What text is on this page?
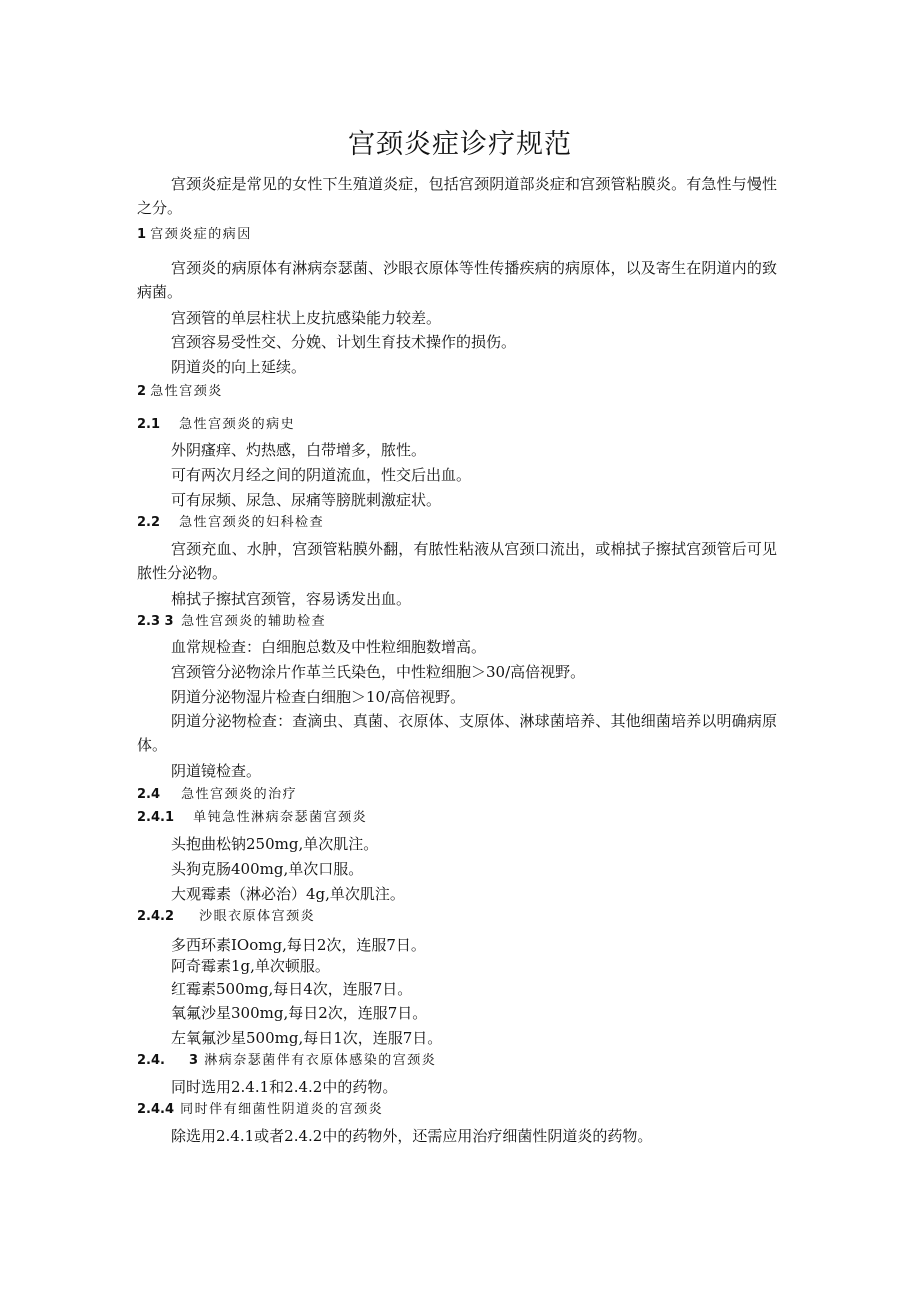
宫颈炎症诊疗规范

宫颈炎症是常见的女性下生殖道炎症，包括宫颈阴道部炎症和宫颈管粘膜炎。有急性与慢性之分。

1 宫颈炎症的病因

宫颈炎的病原体有淋病奈瑟菌、沙眼衣原体等性传播疾病的病原体，以及寄生在阴道内的致病菌。

宫颈管的单层柱状上皮抗感染能力较差。

宫颈容易受性交、分娩、计划生育技术操作的损伤。

阴道炎的向上延续。

2 急性宫颈炎
2.1 急性宫颈炎的病史

外阴瘙痒、灼热感，白带增多，脓性。

可有两次月经之间的阴道流血，性交后出血。

可有尿频、尿急、尿痛等膀胱刺激症状。

2.2 急性宫颈炎的妇科检查

宫颈充血、水肿，宫颈管粘膜外翻，有脓性粘液从宫颈口流出，或棉拭子擦拭宫颈管后可见脓性分泌物。

棉拭子擦拭宫颈管，容易诱发出血。

2.3 3 急性宫颈炎的辅助检查

血常规检查：白细胞总数及中性粒细胞数增高。

宫颈管分泌物涂片作革兰氏染色，中性粒细胞＞30/高倍视野。

阴道分泌物湿片检查白细胞＞10/高倍视野。

阴道分泌物检查：查滴虫、真菌、衣原体、支原体、淋球菌培养、其他细菌培养以明确病原体。

阴道镜检查。

2.4 急性宫颈炎的治疗
2.4.1 单钝急性淋病奈瑟菌宫颈炎

头抱曲松钠250mg,单次肌注。

头狗克肠400mg,单次口服。

大观霉素（淋必治）4g,单次肌注。

2.4.2 沙眼衣原体宫颈炎

多西环素IOomg,每日2次，连服7日。

阿奇霉素1g,单次顿服。

红霉素500mg,每日4次，连服7日。

氧氟沙星300mg,每日2次，连服7日。

左氧氟沙星500mg,每日1次，连服7日。

2.4. 3 淋病奈瑟菌伴有衣原体感染的宫颈炎

同时选用2.4.1和2.4.2中的药物。

2.4.4 同时伴有细菌性阴道炎的宫颈炎

除选用2.4.1或者2.4.2中的药物外，还需应用治疗细菌性阴道炎的药物。
